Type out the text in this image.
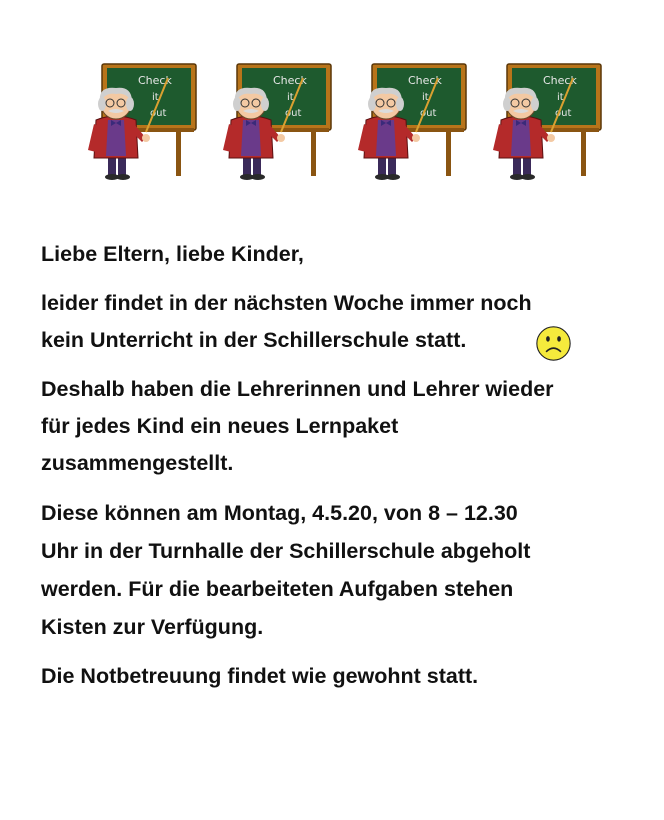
Liebe Eltern, liebe Kinder,

leider findet in der nächsten Woche immer noch
kein Unterricht in der Schillerschule statt.

Deshalb haben die Lehrerinnen und Lehrer wieder
für jedes Kind ein neues Lernpaket
zusammengestellt.

Diese können am Montag, 4.5.20, von 8 – 12.30
Uhr in der Turnhalle der Schillerschule abgeholt
werden. Für die bearbeiteten Aufgaben stehen
Kisten zur Verfügung.

Die Notbetreuung findet wie gewohnt statt.
